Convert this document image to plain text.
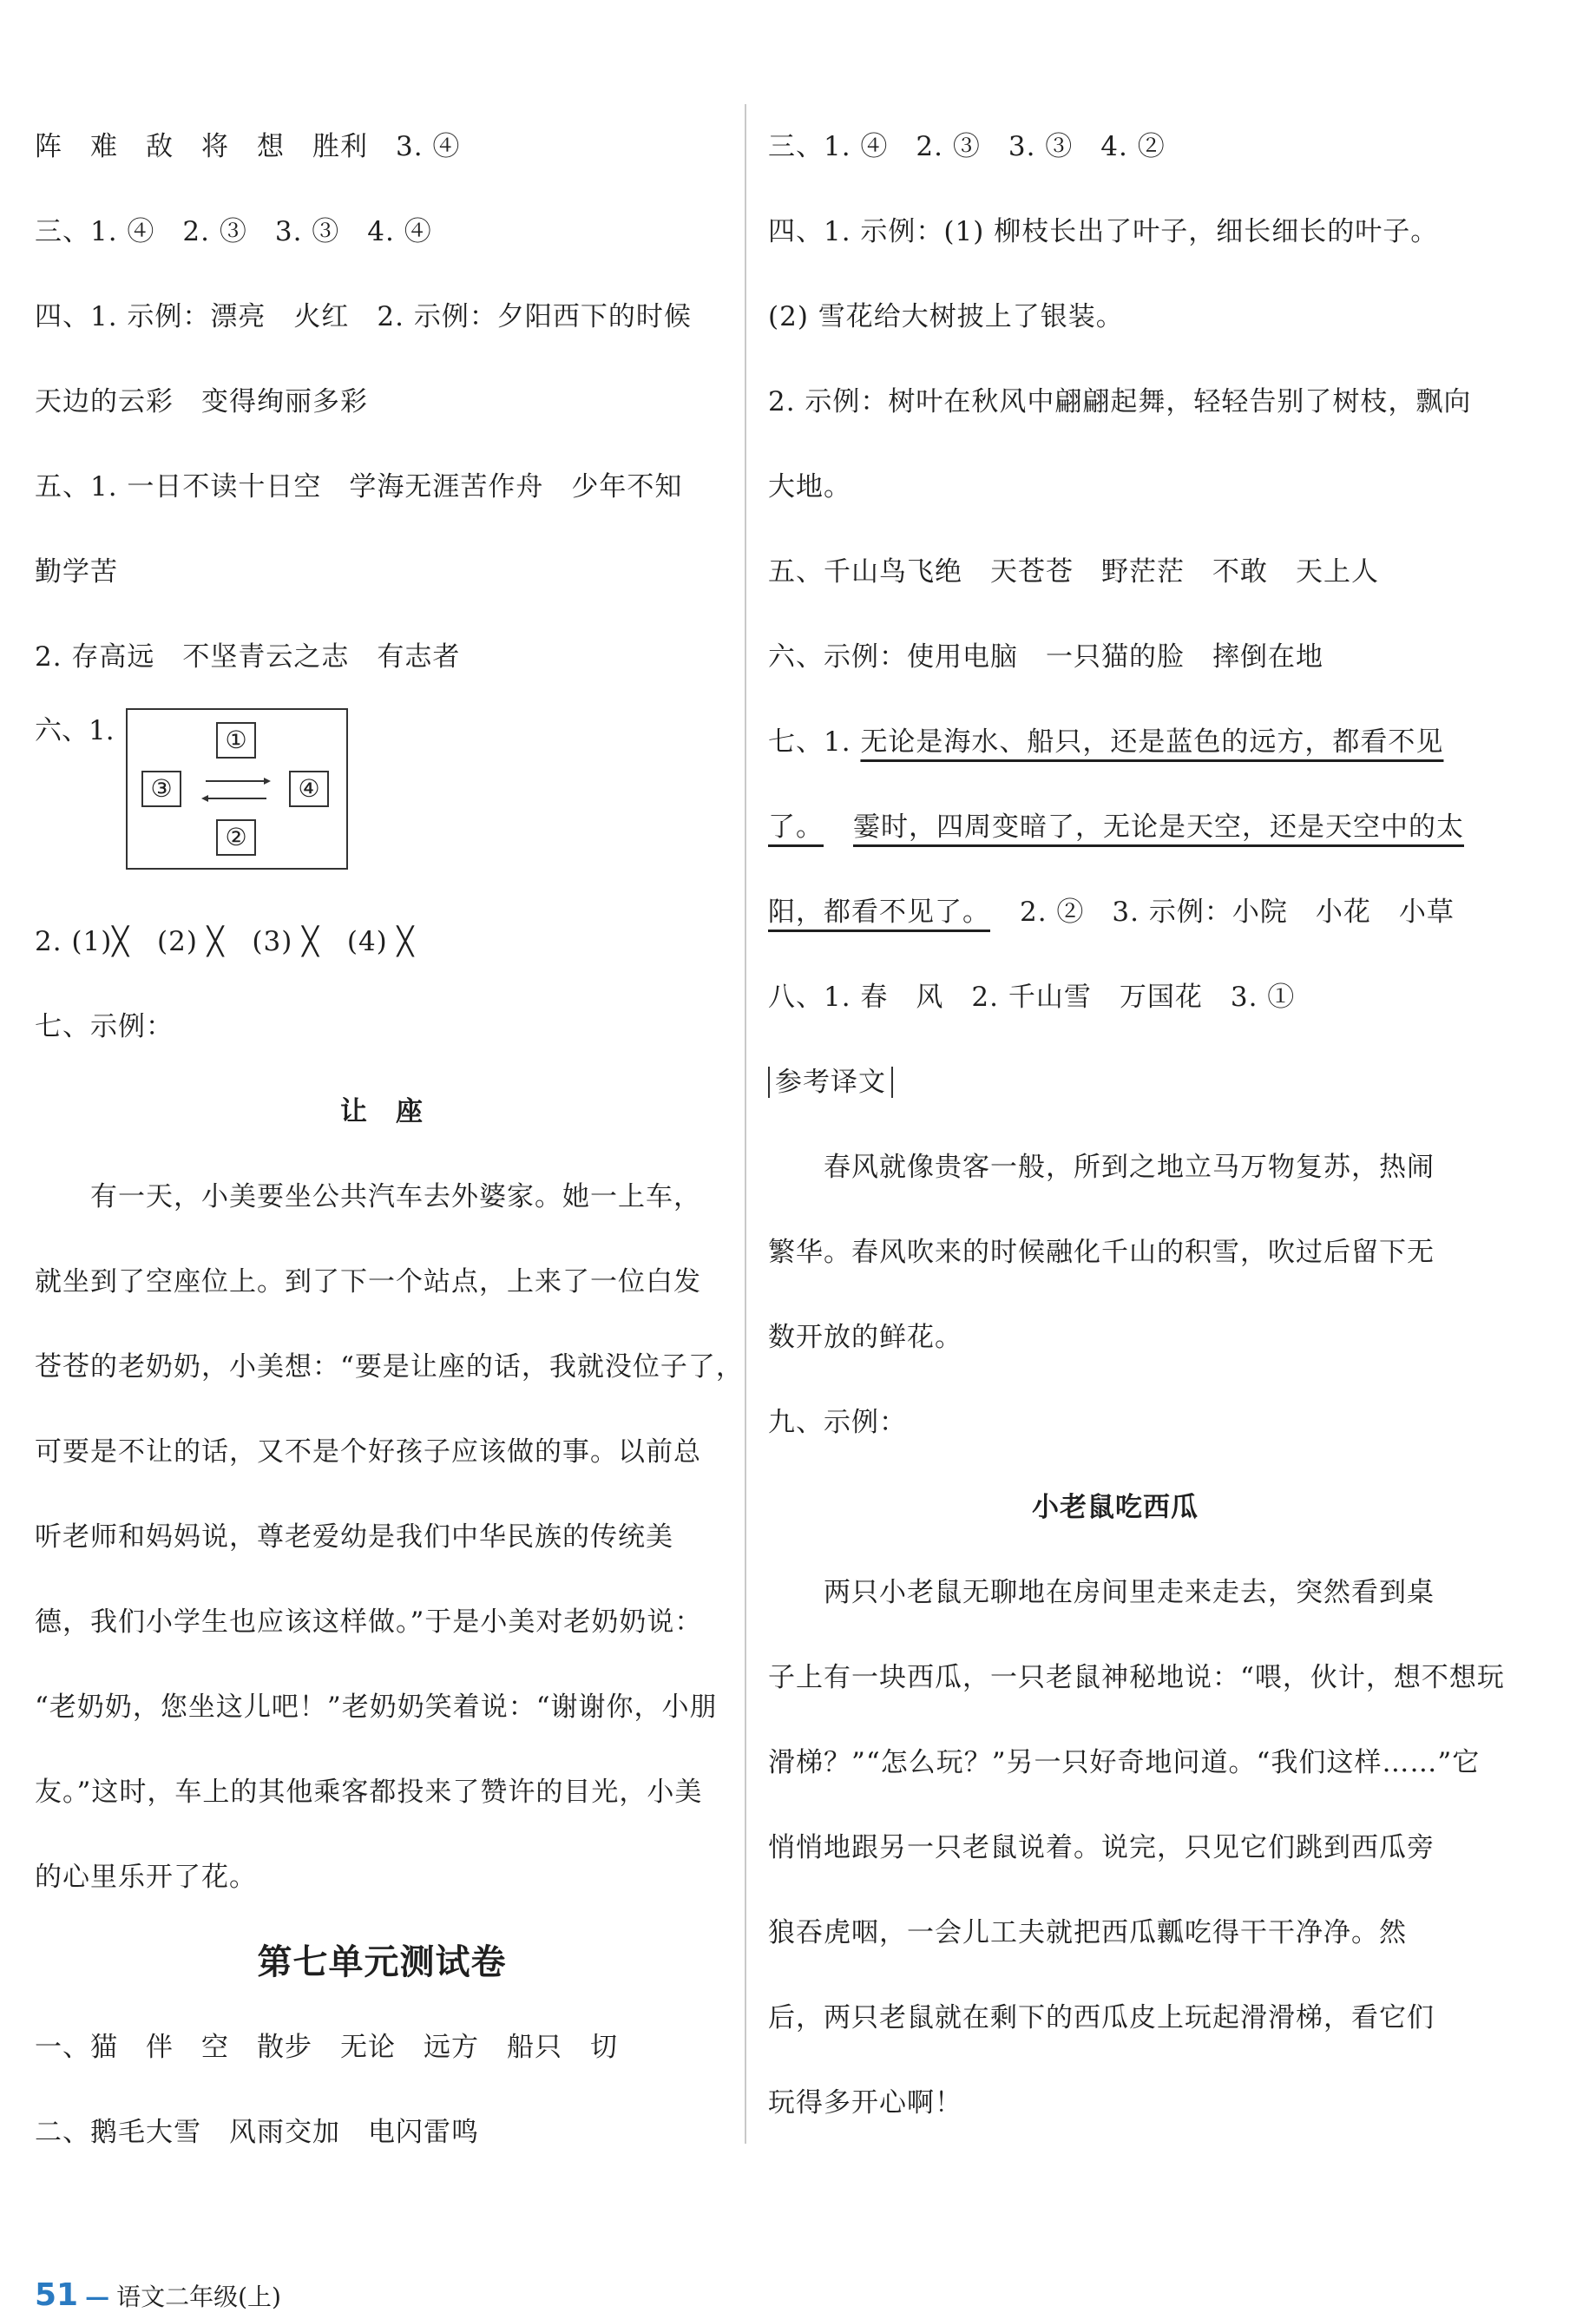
阵　难　敌　将　想　胜利　3. ④
三、1. ④　2. ③　3. ③　4. ④
四、1. 示例：漂亮　火红　2. 示例：夕阳西下的时候
天边的云彩　变得绚丽多彩
五、1. 一日不读十日空　学海无涯苦作舟　少年不知
勤学苦
2. 存高远　不坚青云之志　有志者
六、1.	①
③	④
②
2. (1)╳　(2) ╳　(3) ╳　(4) ╳
七、示例：
让　座
有一天，小美要坐公共汽车去外婆家。她一上车，
就坐到了空座位上。到了下一个站点，上来了一位白发
苍苍的老奶奶，小美想：“要是让座的话，我就没位子了，
可要是不让的话，又不是个好孩子应该做的事。以前总
听老师和妈妈说，尊老爱幼是我们中华民族的传统美
德，我们小学生也应该这样做。”于是小美对老奶奶说：
“老奶奶，您坐这儿吧！”老奶奶笑着说：“谢谢你，小朋
友。”这时，车上的其他乘客都投来了赞许的目光，小美
的心里乐开了花。
第七单元测试卷
一、猫　伴　空　散步　无论　远方　船只　切
二、鹅毛大雪　风雨交加　电闪雷鸣
51 — 语文二年级(上)
三、1. ④　2. ③　3. ③　4. ②
四、1. 示例：(1) 柳枝长出了叶子，细长细长的叶子。
(2) 雪花给大树披上了银装。
2. 示例：树叶在秋风中翩翩起舞，轻轻告别了树枝，飘向
大地。
五、千山鸟飞绝　天苍苍　野茫茫　不敢　天上人
六、示例：使用电脑　一只猫的脸　摔倒在地
七、1. 无论是海水、船只，还是蓝色的远方，都看不见
了。 霎时，四周变暗了，无论是天空，还是天空中的太
阳，都看不见了。 2. ②　3. 示例：小院　小花　小草
八、1. 春　风　2. 千山雪　万国花　3. ①
参考译文
春风就像贵客一般，所到之地立马万物复苏，热闹
繁华。春风吹来的时候融化千山的积雪，吹过后留下无
数开放的鲜花。
九、示例：
小老鼠吃西瓜
两只小老鼠无聊地在房间里走来走去，突然看到桌
子上有一块西瓜，一只老鼠神秘地说：“喂，伙计，想不想玩
滑梯？”“怎么玩？”另一只好奇地问道。“我们这样……”它
悄悄地跟另一只老鼠说着。说完，只见它们跳到西瓜旁
狼吞虎咽，一会儿工夫就把西瓜瓤吃得干干净净。然
后，两只老鼠就在剩下的西瓜皮上玩起滑滑梯，看它们
玩得多开心啊！
